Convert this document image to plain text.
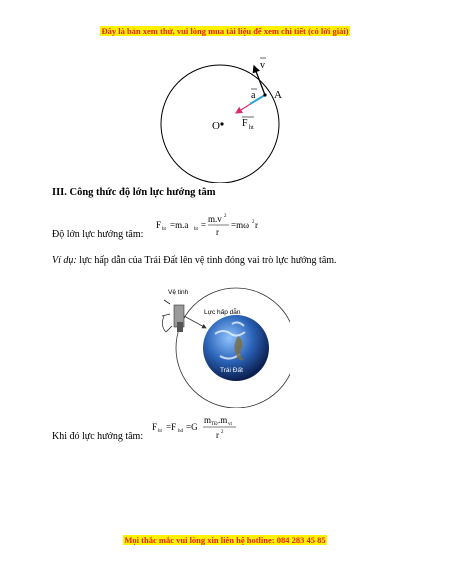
Đây là bản xem thử, vui lòng mua tài liệu để xem chi tiết (có lời giải)
v
a A
O F ht
III. Công thức độ lớn lực hướng tâm
Độ lớn lực hướng tâm:
F ht =m.a ht =
m.v 2
r
=mω 2 r
Ví dụ: lực hấp dẫn của Trái Đất lên vệ tinh đóng vai trò lực hướng tâm.
Vệ tinh
Lực hấp dẫn
Trái Đất
Khi đó lực hướng tâm:
F ht =F hd =G
m TĐ .m vt
r 2
Mọi thắc mắc vui lòng xin liên hệ hotline: 084 283 45 85
